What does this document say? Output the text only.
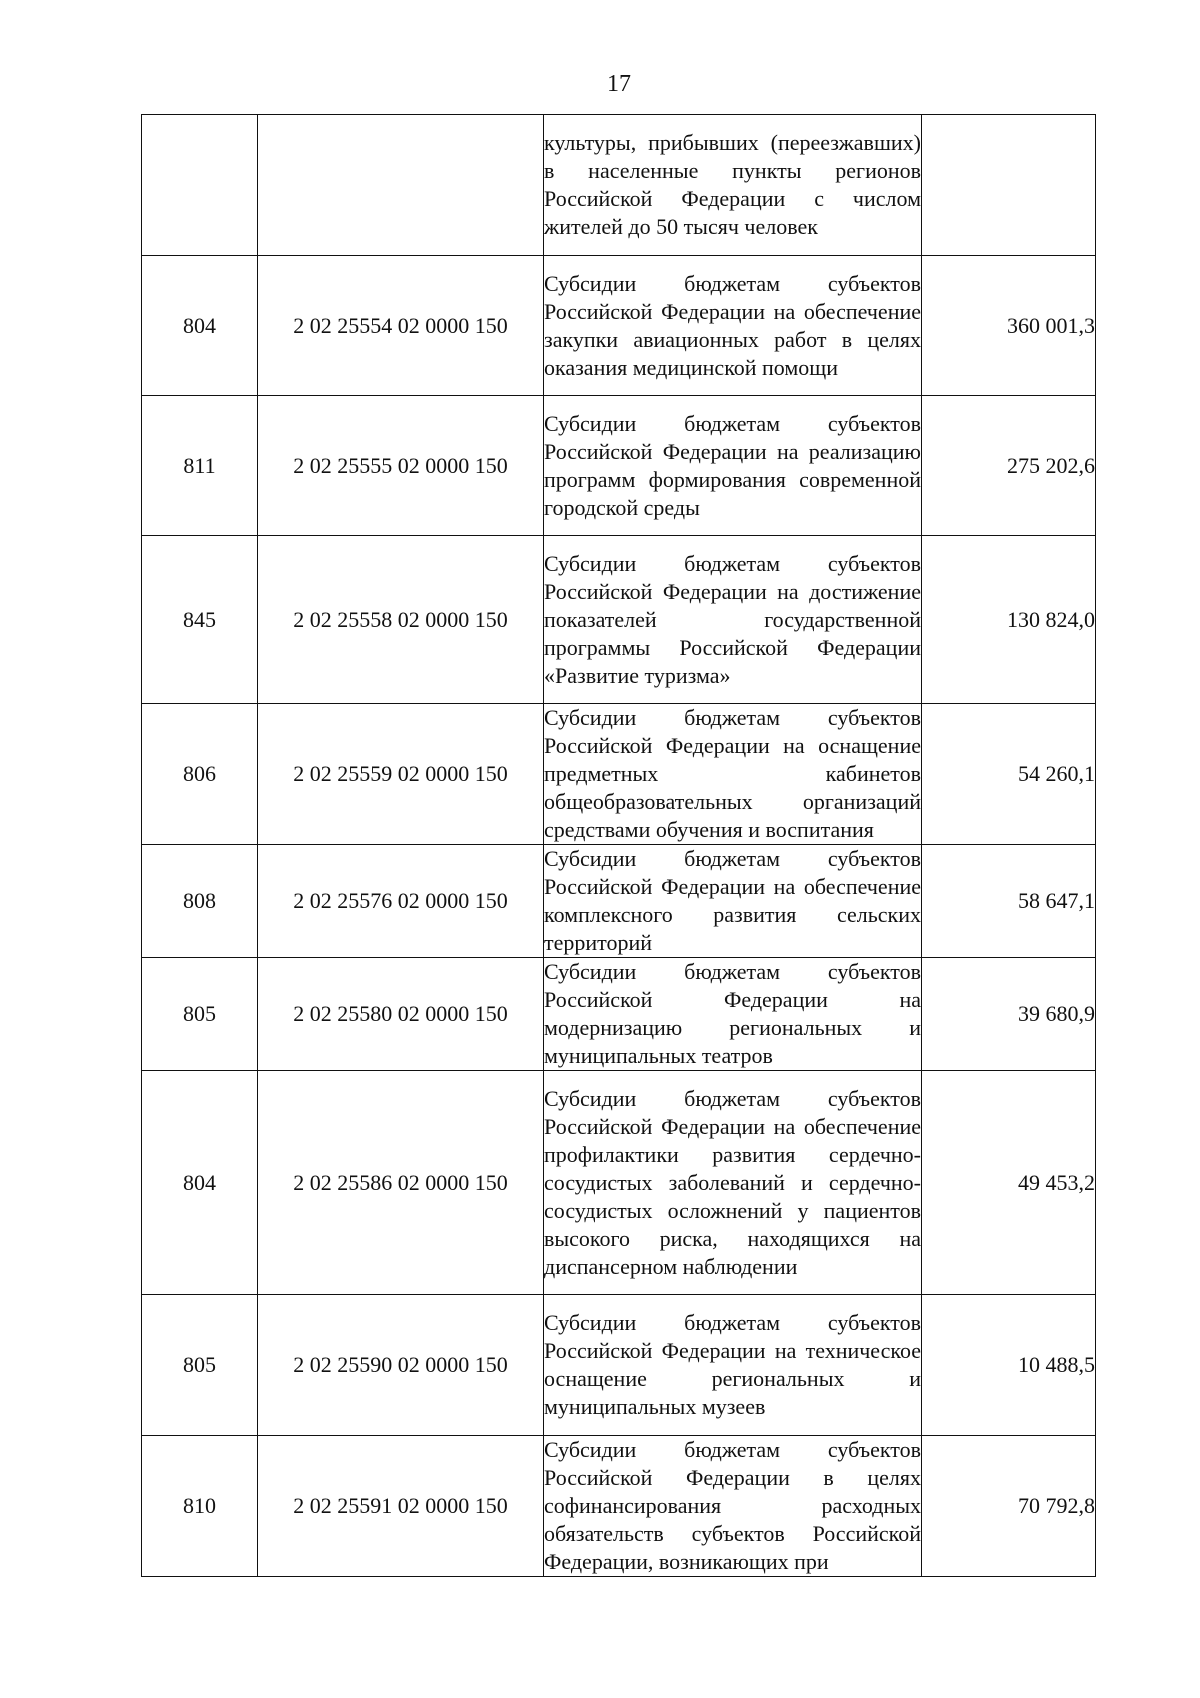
17
		культуры, прибывших (переезжавших) в населенные пункты регионов Российской Федерации с числом жителей до 50 тысяч человек	
804	2 02 25554 02 0000 150	Субсидии бюджетам субъектов Российской Федерации на обеспечение закупки авиационных работ в целях оказания медицинской помощи	360 001,3
811	2 02 25555 02 0000 150	Субсидии бюджетам субъектов Российской Федерации на реализацию программ формирования современной городской среды	275 202,6
845	2 02 25558 02 0000 150	Субсидии бюджетам субъектов Российской Федерации на достижение показателей государственной программы Российской Федерации «Развитие туризма»	130 824,0
806	2 02 25559 02 0000 150	Субсидии бюджетам субъектов Российской Федерации на оснащение предметных кабинетов общеобразовательных организаций средствами обучения и воспитания	54 260,1
808	2 02 25576 02 0000 150	Субсидии бюджетам субъектов Российской Федерации на обеспечение комплексного развития сельских территорий	58 647,1
805	2 02 25580 02 0000 150	Субсидии бюджетам субъектов Российской Федерации на модернизацию региональных и муниципальных театров	39 680,9
804	2 02 25586 02 0000 150	Субсидии бюджетам субъектов Российской Федерации на обеспечение профилактики развития сердечно-сосудистых заболеваний и сердечно-сосудистых осложнений у пациентов высокого риска, находящихся на диспансерном наблюдении	49 453,2
805	2 02 25590 02 0000 150	Субсидии бюджетам субъектов Российской Федерации на техническое оснащение региональных и муниципальных музеев	10 488,5
810	2 02 25591 02 0000 150	Субсидии бюджетам субъектов Российской Федерации в целях софинансирования расходных обязательств субъектов Российской Федерации, возникающих при	70 792,8
